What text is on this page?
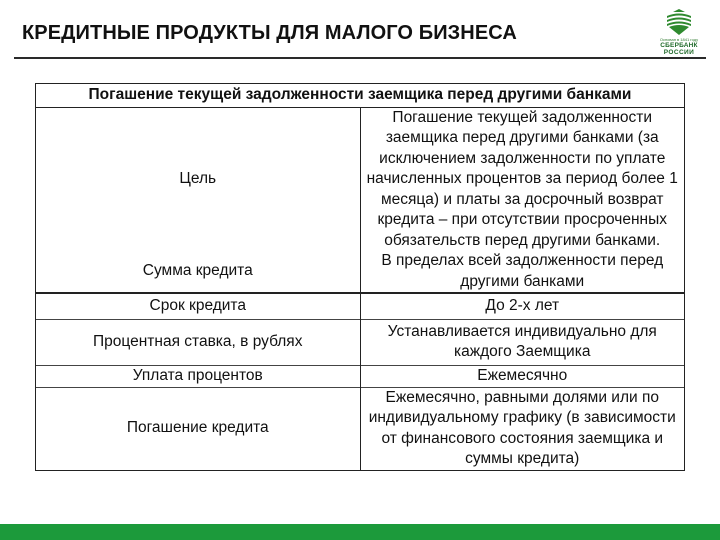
КРЕДИТНЫЕ ПРОДУКТЫ ДЛЯ МАЛОГО БИЗНЕСА	Основан в 1841 году
СБЕРБАНК
РОССИИ
Погашение текущей задолженности заемщика перед другими банками	
Цель	Погашение текущей задолженности заемщика перед другими банками (за исключением задолженности по уплате начисленных процентов за период более 1 месяца) и платы за досрочный возврат кредита – при отсутствии просроченных обязательств перед другими банками.
Сумма кредита	В пределах всей задолженности перед другими банками
Срок кредита	До 2-х лет
Процентная ставка, в рублях	Устанавливается индивидуально для каждого Заемщика
Уплата процентов	Ежемесячно
Погашение кредита	Ежемесячно, равными долями или по индивидуальному графику (в зависимости от финансового состояния заемщика и суммы кредита)
